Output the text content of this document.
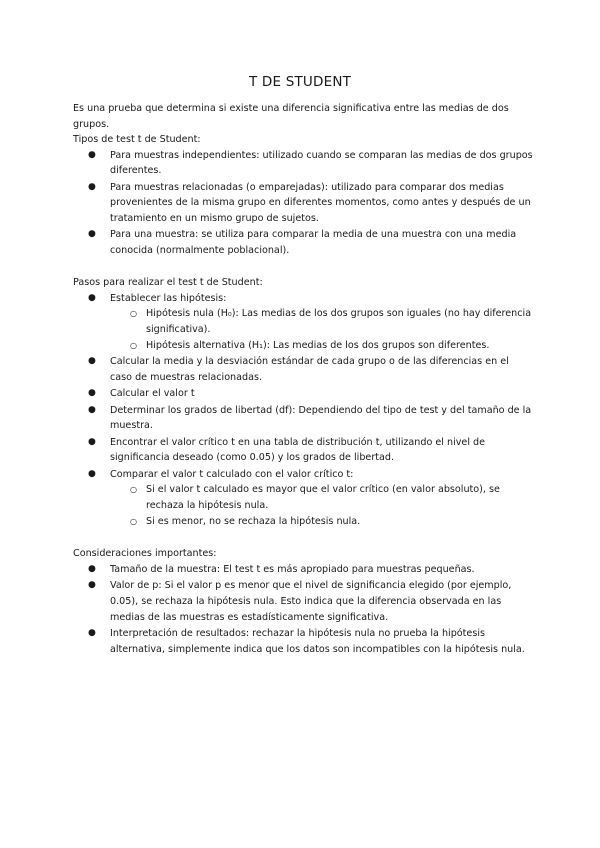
T DE STUDENT

Es una prueba que determina si existe una diferencia significativa entre las medias de dos grupos.

Tipos de test t de Student:

● Para muestras independientes: utilizado cuando se comparan las medias de dos grupos diferentes.
● Para muestras relacionadas (o emparejadas): utilizado para comparar dos medias provenientes de la misma grupo en diferentes momentos, como antes y después de un tratamiento en un mismo grupo de sujetos.
● Para una muestra: se utiliza para comparar la media de una muestra con una media conocida (normalmente poblacional).

Pasos para realizar el test t de Student:

● Establecer las hipótesis:
○ Hipótesis nula (H₀): Las medias de los dos grupos son iguales (no hay diferencia significativa).
○ Hipótesis alternativa (H₁): Las medias de los dos grupos son diferentes.
● Calcular la media y la desviación estándar de cada grupo o de las diferencias en el caso de muestras relacionadas.
● Calcular el valor t
● Determinar los grados de libertad (df): Dependiendo del tipo de test y del tamaño de la muestra.
● Encontrar el valor crítico t en una tabla de distribución t, utilizando el nivel de significancia deseado (como 0.05) y los grados de libertad.
● Comparar el valor t calculado con el valor crítico t:
○ Si el valor t calculado es mayor que el valor crítico (en valor absoluto), se rechaza la hipótesis nula.
○ Si es menor, no se rechaza la hipótesis nula.

Consideraciones importantes:

● Tamaño de la muestra: El test t es más apropiado para muestras pequeñas.
● Valor de p: Si el valor p es menor que el nivel de significancia elegido (por ejemplo, 0.05), se rechaza la hipótesis nula. Esto indica que la diferencia observada en las medias de las muestras es estadísticamente significativa.
● Interpretación de resultados: rechazar la hipótesis nula no prueba la hipótesis alternativa, simplemente indica que los datos son incompatibles con la hipótesis nula.
